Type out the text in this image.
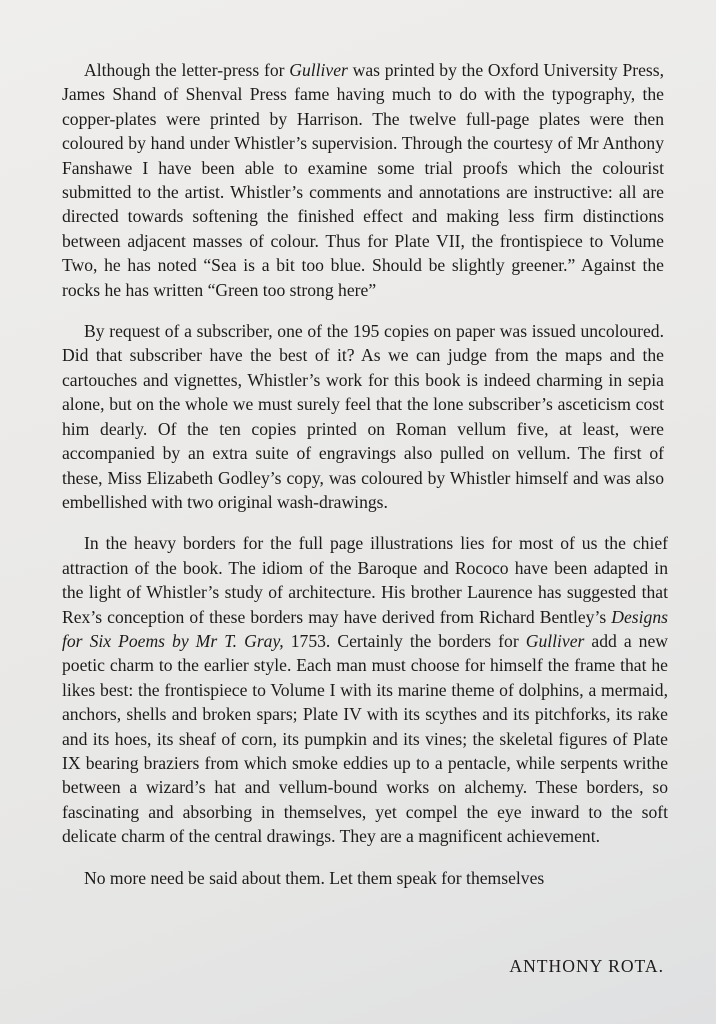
Although the letter-press for Gulliver was printed by the Oxford University Press, James Shand of Shenval Press fame having much to do with the typography, the copper-plates were printed by Harrison. The twelve full-page plates were then coloured by hand under Whistler’s supervision. Through the courtesy of Mr Anthony Fanshawe I have been able to examine some trial proofs which the colourist submitted to the artist. Whistler’s comments and annotations are instructive: all are directed towards softening the finished effect and making less firm distinctions between adjacent masses of colour. Thus for Plate VII, the frontispiece to Volume Two, he has noted “Sea is a bit too blue. Should be slightly greener.” Against the rocks he has written “Green too strong here”

By request of a subscriber, one of the 195 copies on paper was issued uncoloured. Did that subscriber have the best of it? As we can judge from the maps and the cartouches and vignettes, Whistler’s work for this book is indeed charming in sepia alone, but on the whole we must surely feel that the lone subscriber’s asceticism cost him dearly. Of the ten copies printed on Roman vellum five, at least, were accompanied by an extra suite of engravings also pulled on vellum. The first of these, Miss Elizabeth Godley’s copy, was coloured by Whistler himself and was also embellished with two original wash-drawings.

In the heavy borders for the full page illustrations lies for most of us the chief attraction of the book. The idiom of the Baroque and Rococo have been adapted in the light of Whistler’s study of architecture. His brother Laurence has suggested that Rex’s conception of these borders may have derived from Richard Bentley’s Designs for Six Poems by Mr T. Gray, 1753. Certainly the borders for Gulliver add a new poetic charm to the earlier style. Each man must choose for himself the frame that he likes best: the frontispiece to Volume I with its marine theme of dolphins, a mermaid, anchors, shells and broken spars; Plate IV with its scythes and its pitchforks, its rake and its hoes, its sheaf of corn, its pumpkin and its vines; the skeletal figures of Plate IX bearing braziers from which smoke eddies up to a pentacle, while serpents writhe between a wizard’s hat and vellum-bound works on alchemy. These borders, so fascinating and absorbing in themselves, yet compel the eye inward to the soft delicate charm of the central drawings. They are a magnificent achievement.

No more need be said about them. Let them speak for themselves

ANTHONY ROTA.
